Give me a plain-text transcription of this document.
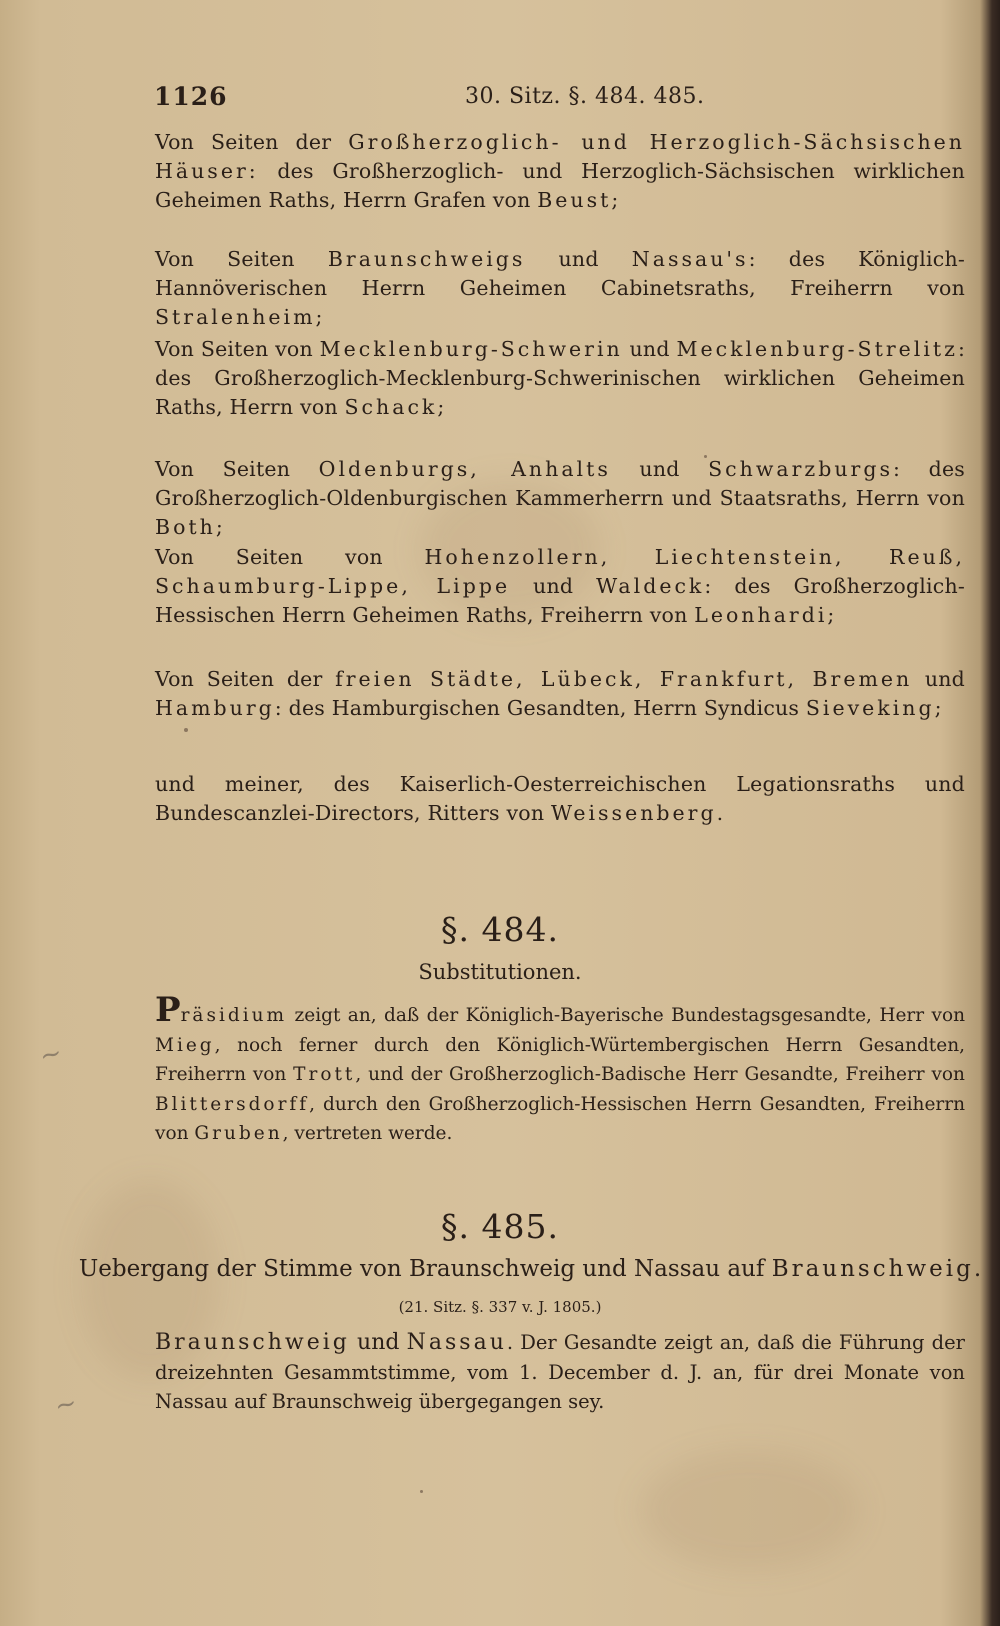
1126	30. Sitz. §. 484. 485.
Von Seiten der Großherzoglich- und Herzoglich-Sächsischen Häuser: des Großherzoglich- und Herzoglich-Sächsischen wirklichen Geheimen Raths, Herrn Grafen von Beust;
Von Seiten Braunschweigs und Nassau's: des Königlich-Hannöverischen Herrn Geheimen Cabinetsraths, Freiherrn von Stralenheim;
Von Seiten von Mecklenburg-Schwerin und Mecklenburg-Strelitz: des Großherzoglich-Mecklenburg-Schwerinischen wirklichen Geheimen Raths, Herrn von Schack;
Von Seiten Oldenburgs, Anhalts und Schwarzburgs: des Großherzoglich-Oldenburgischen Kammerherrn und Staatsraths, Herrn von Both;
Von Seiten von Hohenzollern, Liechtenstein, Reuß, Schaumburg-Lippe, Lippe und Waldeck: des Großherzoglich-Hessischen Herrn Geheimen Raths, Freiherrn von Leonhardi;
Von Seiten der freien Städte, Lübeck, Frankfurt, Bremen und Hamburg: des Hamburgischen Gesandten, Herrn Syndicus Sieveking;
und meiner, des Kaiserlich-Oesterreichischen Legationsraths und Bundescanzlei-Directors, Ritters von Weissenberg.
§. 484.
Substitutionen.
Präsidium zeigt an, daß der Königlich-Bayerische Bundestagsgesandte, Herr von Mieg, noch ferner durch den Königlich-Würtembergischen Herrn Gesandten, Freiherrn von Trott, und der Großherzoglich-Badische Herr Gesandte, Freiherr von Blittersdorff, durch den Großherzoglich-Hessischen Herrn Gesandten, Freiherrn von Gruben, vertreten werde.
§. 485.
Uebergang der Stimme von Braunschweig und Nassau auf Braunschweig.
(21. Sitz. §. 337 v. J. 1805.)
Braunschweig und Nassau. Der Gesandte zeigt an, daß die Führung der dreizehnten Gesammtstimme, vom 1. December d. J. an, für drei Monate von Nassau auf Braunschweig übergegangen sey.
~
~
